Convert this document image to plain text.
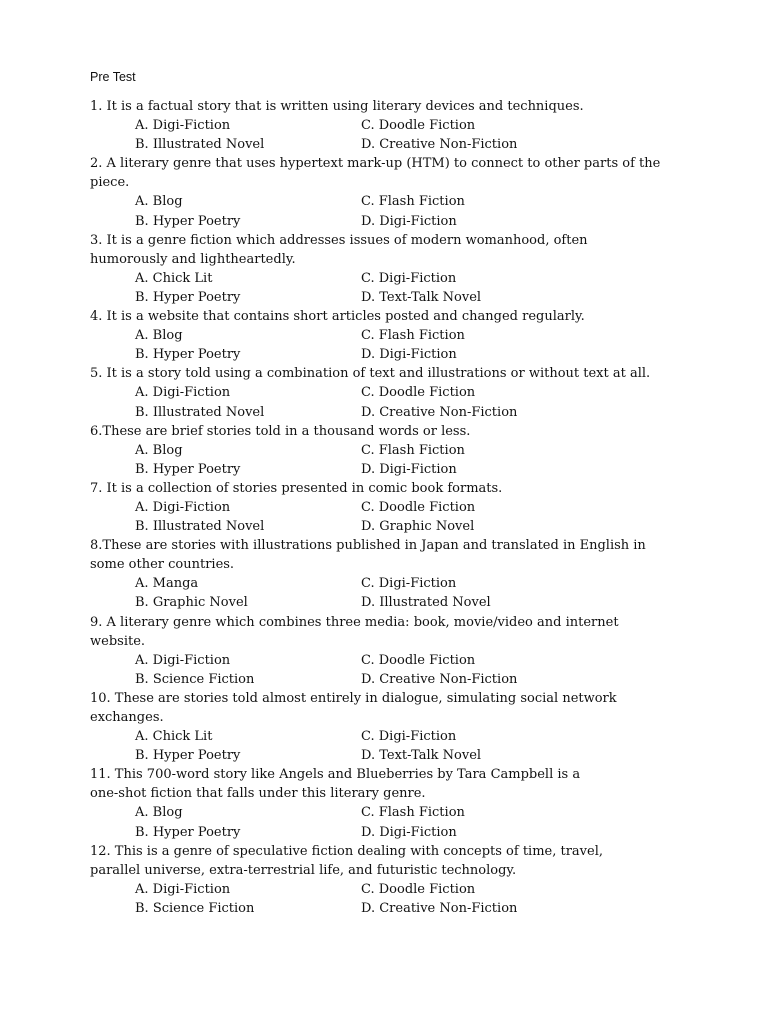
Pre Test
1. It is a factual story that is written using literary devices and techniques.
A. Digi-Fiction	C. Doodle Fiction
B. Illustrated Novel	D. Creative Non-Fiction
2. A literary genre that uses hypertext mark-up (HTM) to connect to other parts of the
piece.
A. Blog	C. Flash Fiction
B. Hyper Poetry	D. Digi-Fiction
3. It is a genre fiction which addresses issues of modern womanhood, often
humorously and lightheartedly.
A. Chick Lit	C. Digi-Fiction
B. Hyper Poetry	D. Text-Talk Novel
4. It is a website that contains short articles posted and changed regularly.
A. Blog	C. Flash Fiction
B. Hyper Poetry	D. Digi-Fiction
5. It is a story told using a combination of text and illustrations or without text at all.
A. Digi-Fiction	C. Doodle Fiction
B. Illustrated Novel	D. Creative Non-Fiction
6.These are brief stories told in a thousand words or less.
A. Blog	C. Flash Fiction
B. Hyper Poetry	D. Digi-Fiction
7. It is a collection of stories presented in comic book formats.
A. Digi-Fiction	C. Doodle Fiction
B. Illustrated Novel	D. Graphic Novel
8.These are stories with illustrations published in Japan and translated in English in
some other countries.
A. Manga	C. Digi-Fiction
B. Graphic Novel	D. Illustrated Novel
9. A literary genre which combines three media: book, movie/video and internet
website.
A. Digi-Fiction	C. Doodle Fiction
B. Science Fiction	D. Creative Non-Fiction
10. These are stories told almost entirely in dialogue, simulating social network
exchanges.
A. Chick Lit	C. Digi-Fiction
B. Hyper Poetry	D. Text-Talk Novel
11. This 700-word story like Angels and Blueberries by Tara Campbell is a
one-shot fiction that falls under this literary genre.
A. Blog	C. Flash Fiction
B. Hyper Poetry	D. Digi-Fiction
12. This is a genre of speculative fiction dealing with concepts of time, travel,
parallel universe, extra-terrestrial life, and futuristic technology.
A. Digi-Fiction	C. Doodle Fiction
B. Science Fiction	D. Creative Non-Fiction
